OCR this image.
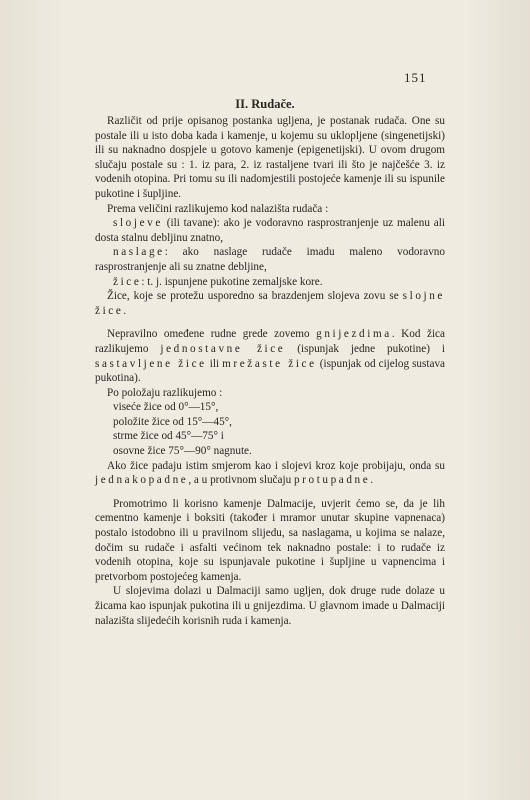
151
II. Rudače.

Različit od prije opisanog postanka ugljena, je postanak rudača. One su postale ili u isto doba kada i kamenje, u kojemu su uklopljene (singenetijski) ili su naknadno dospjele u gotovo kamenje (epigenetijski). U ovom drugom slučaju postale su : 1. iz para, 2. iz rastaljene tvari ili što je najčešće 3. iz vodenih otopina. Pri tomu su ili nadomjestili postojeće kamenje ili su ispunile pukotine i šupljine.

Prema veličini razlikujemo kod nalazišta rudača :

slojeve (ili tavane): ako je vodoravno rasprostranjenje uz malenu ali dosta stalnu debljinu znatno,

naslage: ako naslage rudače imadu maleno vodoravno rasprostranjenje ali su znatne debljine,

žice: t. j. ispunjene pukotine zemaljske kore.

Žice, koje se protežu usporedno sa brazdenjem slojeva zovu se slojne žice.

Nepravilno omeđene rudne grede zovemo gnijezdima. Kod žica razlikujemo jednostavne žice (ispunjak jedne pukotine) i sastavljene žice ili mrežaste žice (ispunjak od cijelog sustava pukotina).

Po položaju razlikujemo :

viseće žice od 0°—15°,
položite žice od 15°—45°,
strme žice od 45°—75° i
osovne žice 75°—90° nagnute.

Ako žice padaju istim smjerom kao i slojevi kroz koje probijaju, onda su jednakopadne, a u protivnom slučaju protupadne.

Promotrimo li korisno kamenje Dalmacije, uvjerit ćemo se, da je lih cementno kamenje i boksiti (također i mramor unutar skupine vapnenaca) postalo istodobno ili u pravilnom slijedu, sa naslagama, u kojima se nalaze, dočim su rudače i asfalti većinom tek naknadno postale: i to rudače iz vodenih otopina, koje su ispunjavale pukotine i šupljine u vapnencima i pretvorbom postojećeg kamenja.

U slojevima dolazi u Dalmaciji samo ugljen, dok druge rude dolaze u žicama kao ispunjak pukotina ili u gnijezdima. U glavnom imade u Dalmaciji nalazišta slijedećih korisnih ruda i kamenja.
